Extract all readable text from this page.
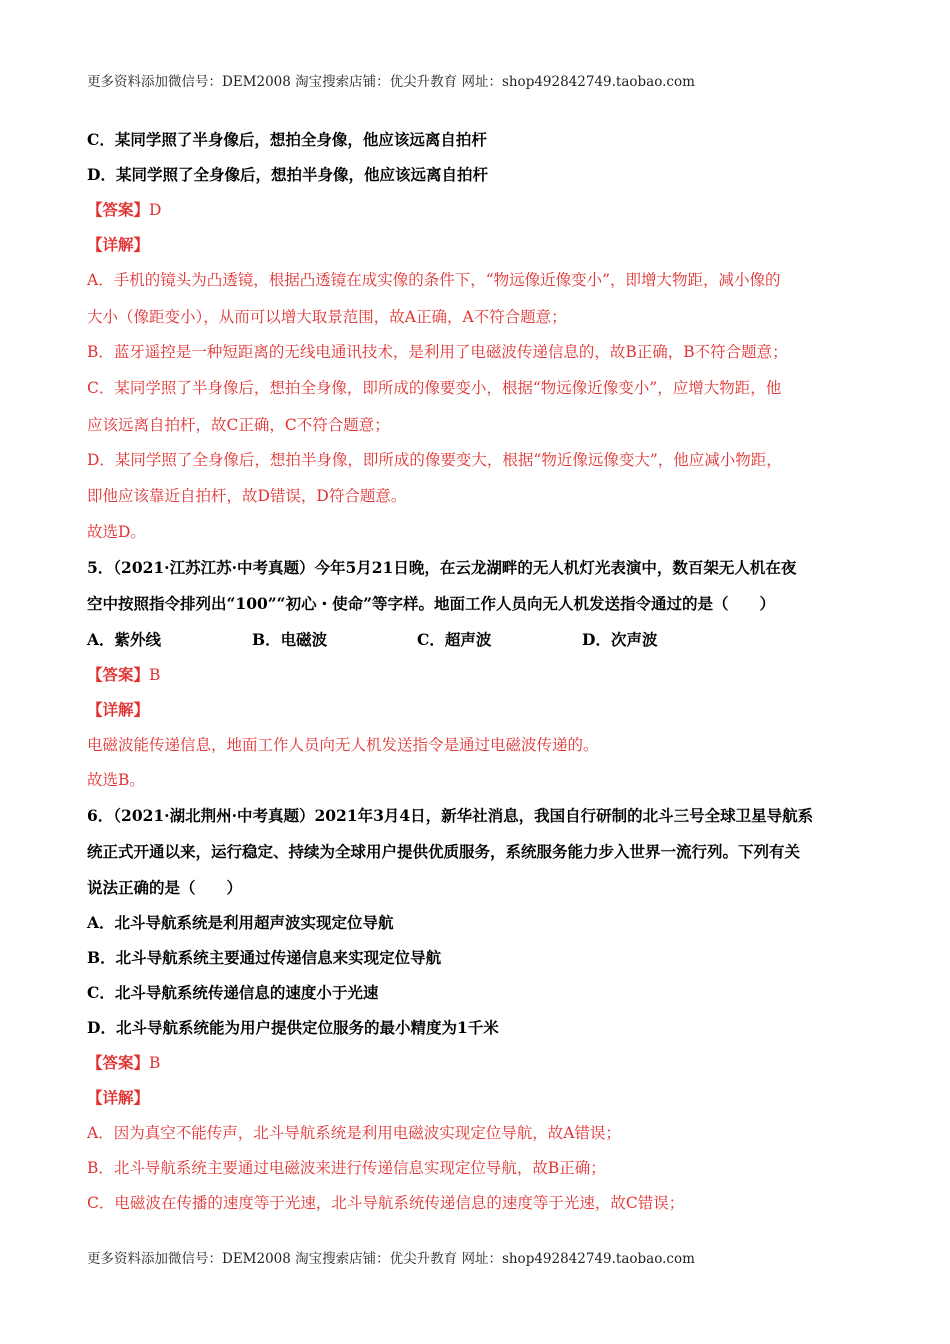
更多资料添加微信号：DEM2008 淘宝搜索店铺：优尖升教育 网址：shop492842749.taobao.com
C．某同学照了半身像后，想拍全身像，他应该远离自拍杆
D．某同学照了全身像后，想拍半身像，他应该远离自拍杆
【答案】D
【详解】
A．手机的镜头为凸透镜，根据凸透镜在成实像的条件下，“物远像近像变小”，即增大物距，减小像的
大小（像距变小），从而可以增大取景范围，故A正确，A不符合题意；
B．蓝牙遥控是一种短距离的无线电通讯技术，是利用了电磁波传递信息的，故B正确，B不符合题意；
C．某同学照了半身像后，想拍全身像，即所成的像要变小，根据“物远像近像变小”，应增大物距，他
应该远离自拍杆，故C正确，C不符合题意；
D．某同学照了全身像后，想拍半身像，即所成的像要变大，根据“物近像远像变大”，他应减小物距，
即他应该靠近自拍杆，故D错误，D符合题意。
故选D。
5．（2021·江苏江苏·中考真题）今年5月21日晚，在云龙湖畔的无人机灯光表演中，数百架无人机在夜
空中按照指令排列出“100”“初心・使命”等字样。地面工作人员向无人机发送指令通过的是（　　）
A．紫外线	B．电磁波	C．超声波	D．次声波
【答案】B
【详解】
电磁波能传递信息，地面工作人员向无人机发送指令是通过电磁波传递的。
故选B。
6．（2021·湖北荆州·中考真题）2021年3月4日，新华社消息，我国自行研制的北斗三号全球卫星导航系
统正式开通以来，运行稳定、持续为全球用户提供优质服务，系统服务能力步入世界一流行列。下列有关
说法正确的是（　　）
A．北斗导航系统是利用超声波实现定位导航
B．北斗导航系统主要通过传递信息来实现定位导航
C．北斗导航系统传递信息的速度小于光速
D．北斗导航系统能为用户提供定位服务的最小精度为1千米
【答案】B
【详解】
A．因为真空不能传声，北斗导航系统是利用电磁波实现定位导航，故A错误；
B．北斗导航系统主要通过电磁波来进行传递信息实现定位导航，故B正确；
C．电磁波在传播的速度等于光速，北斗导航系统传递信息的速度等于光速，故C错误；
更多资料添加微信号：DEM2008 淘宝搜索店铺：优尖升教育 网址：shop492842749.taobao.com
